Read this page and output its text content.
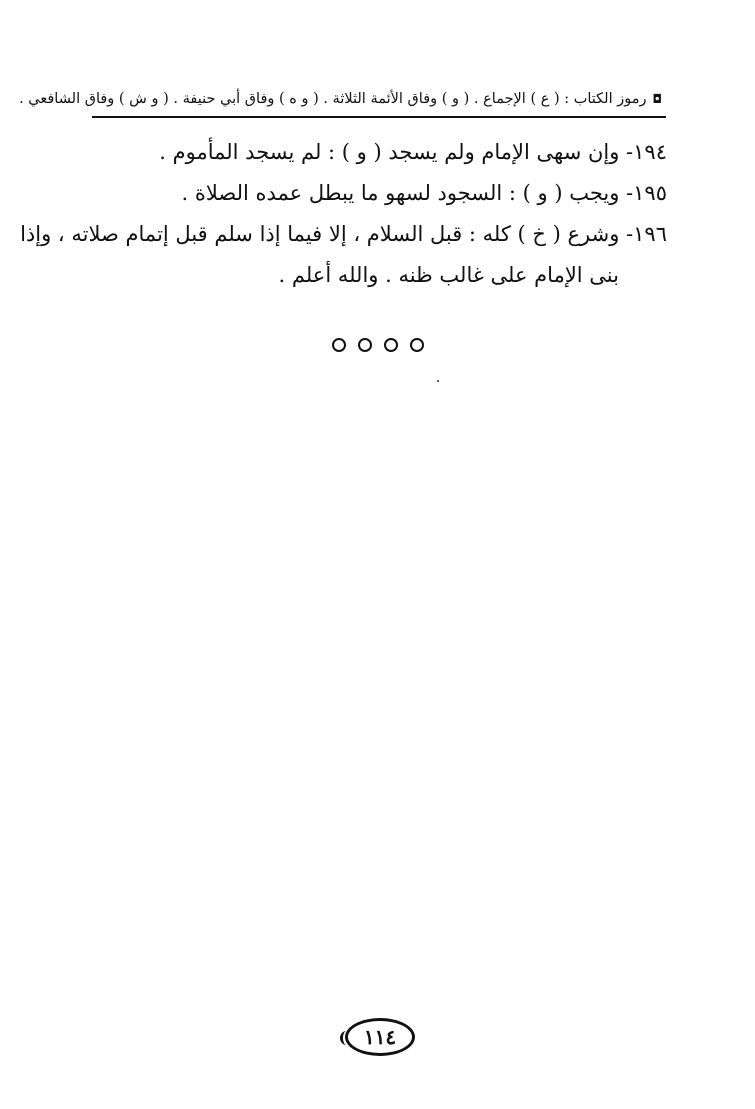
◘
رموز الكتاب : ( ع ) الإجماع . ( و ) وفاق الأئمة الثلاثة . ( و ه ) وفاق أبي حنيفة . ( و ش ) وفاق الشافعي .
١٩٤- وإن سهى الإمام ولم يسجد ( و ) : لم يسجد المأموم .
١٩٥- ويجب ( و ) : السجود لسهو ما يبطل عمده الصلاة .
١٩٦- وشرع ( خ ) كله : قبل السلام ، إلا فيما إذا سلم قبل إتمام صلاته ، وإذا
بنى الإمام على غالب ظنه . والله أعلم .
١١٤
